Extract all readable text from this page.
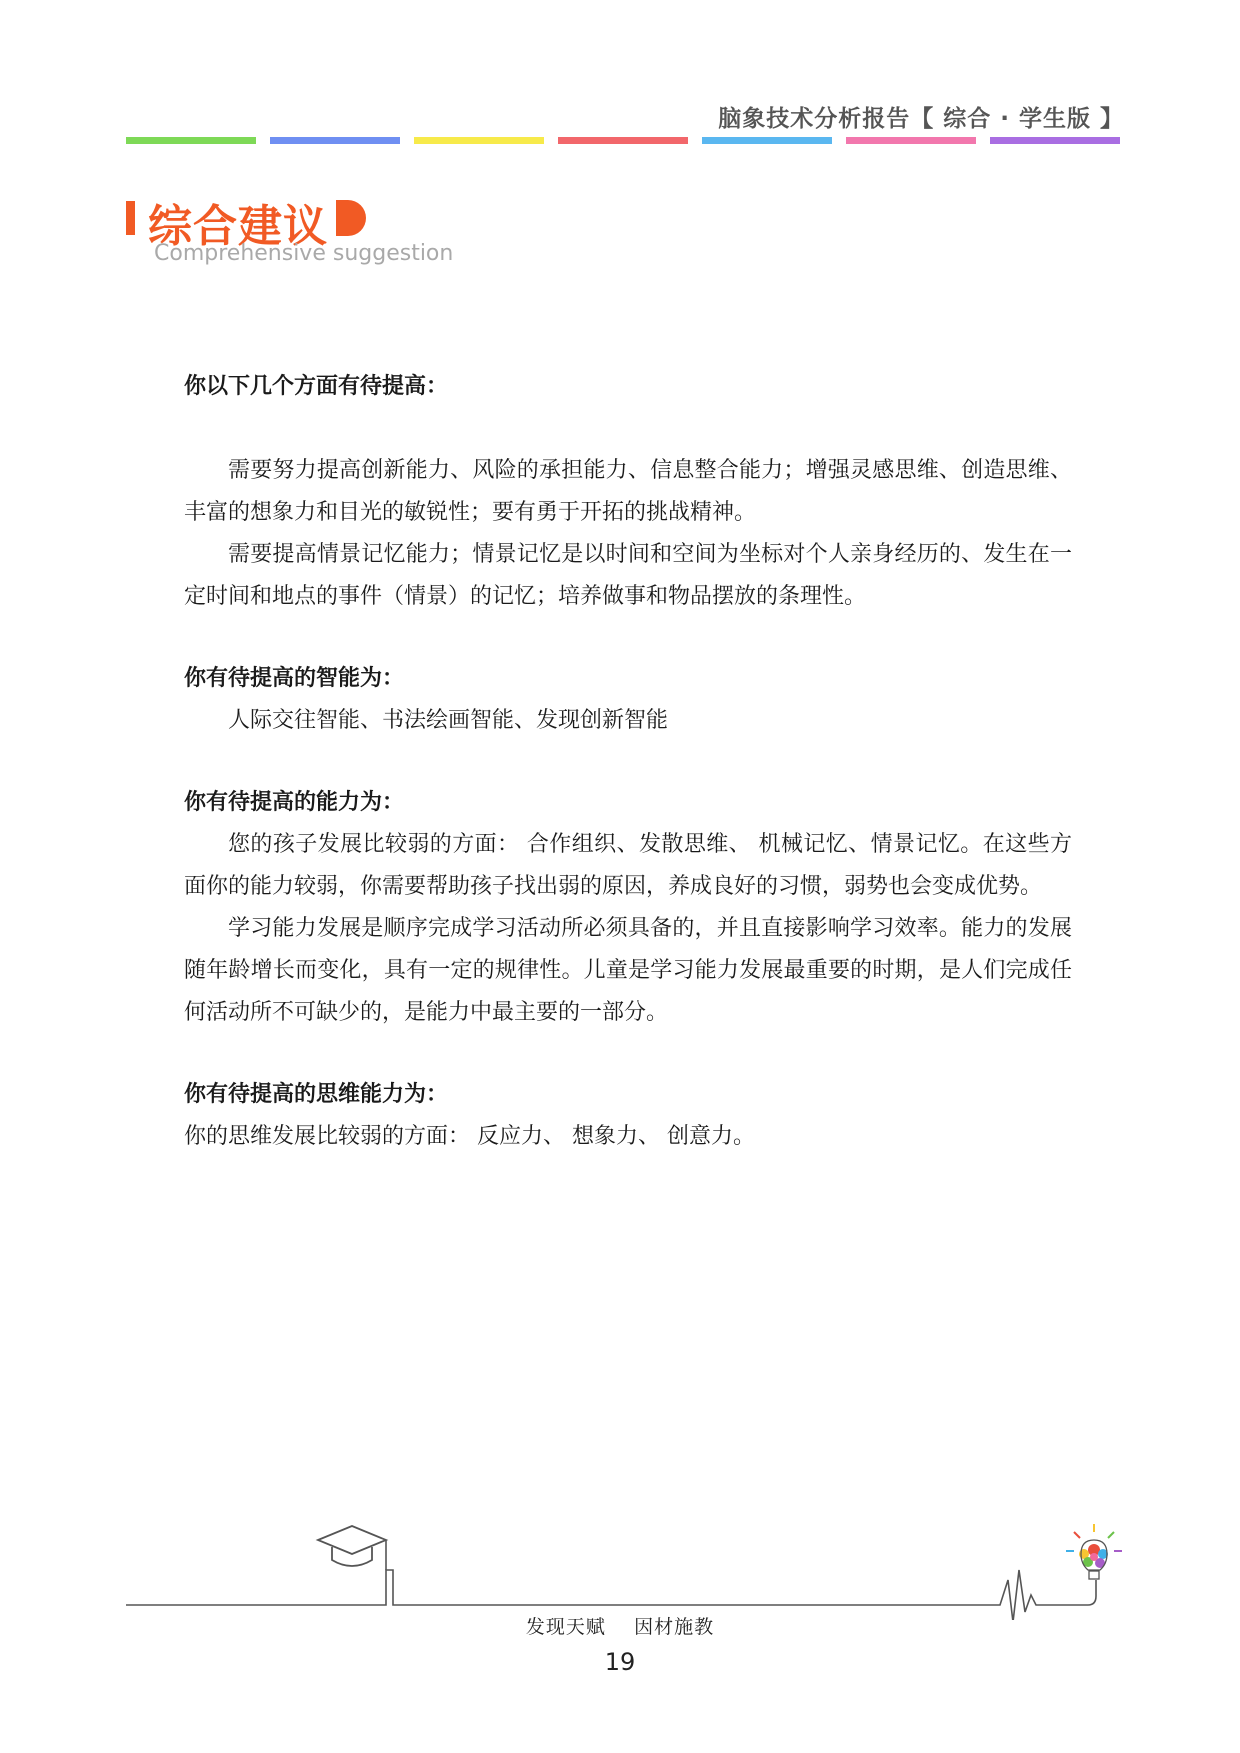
脑象技术分析报告【 综合 · 学生版 】
综合建议
Comprehensive suggestion

你以下几个方面有待提高：

需要努力提高创新能力、风险的承担能力、信息整合能力；增强灵感思维、创造思维、丰富的想象力和目光的敏锐性；要有勇于开拓的挑战精神。

需要提高情景记忆能力；情景记忆是以时间和空间为坐标对个人亲身经历的、发生在一定时间和地点的事件（情景）的记忆；培养做事和物品摆放的条理性。

你有待提高的智能为：

人际交往智能、书法绘画智能、发现创新智能

你有待提高的能力为：

您的孩子发展比较弱的方面： 合作组织、发散思维、 机械记忆、情景记忆。在这些方面你的能力较弱，你需要帮助孩子找出弱的原因，养成良好的习惯，弱势也会变成优势。

学习能力发展是顺序完成学习活动所必须具备的，并且直接影响学习效率。能力的发展随年龄增长而变化，具有一定的规律性。儿童是学习能力发展最重要的时期，是人们完成任何活动所不可缺少的，是能力中最主要的一部分。

你有待提高的思维能力为：

你的思维发展比较弱的方面： 反应力、 想象力、 创意力。

发现天赋    因材施教
19
